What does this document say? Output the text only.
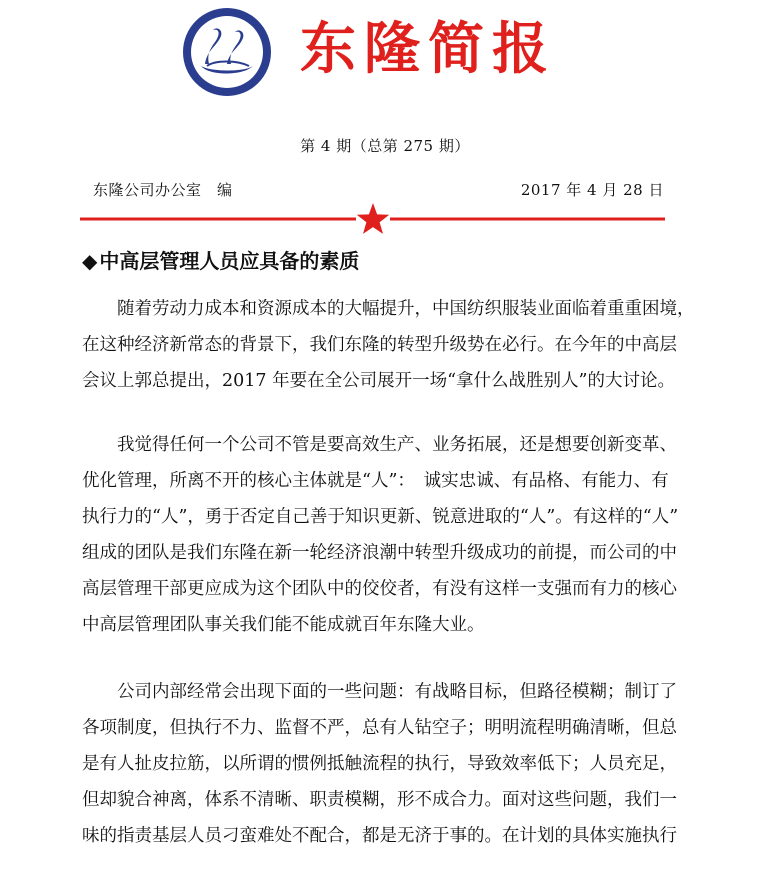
东隆简报
第 4 期（总第 275 期）
东隆公司办公室　编	2017 年 4 月 28 日
◆ 中高层管理人员应具备的素质
随着劳动力成本和资源成本的大幅提升，中国纺织服装业面临着重重困境，
在这种经济新常态的背景下，我们东隆的转型升级势在必行。在今年的中高层
会议上郭总提出，2017 年要在全公司展开一场“拿什么战胜别人”的大讨论。
我觉得任何一个公司不管是要高效生产、业务拓展，还是想要创新变革、
优化管理，所离不开的核心主体就是“人”：　诚实忠诚、有品格、有能力、有
执行力的“人”，勇于否定自己善于知识更新、锐意进取的“人”。有这样的“人”
组成的团队是我们东隆在新一轮经济浪潮中转型升级成功的前提，而公司的中
高层管理干部更应成为这个团队中的佼佼者，有没有这样一支强而有力的核心
中高层管理团队事关我们能不能成就百年东隆大业。
公司内部经常会出现下面的一些问题：有战略目标，但路径模糊；制订了
各项制度，但执行不力、监督不严，总有人钻空子；明明流程明确清晰，但总
是有人扯皮拉筋，以所谓的惯例抵触流程的执行，导致效率低下；人员充足，
但却貌合神离，体系不清晰、职责模糊，形不成合力。面对这些问题，我们一
味的指责基层人员刁蛮难处不配合，都是无济于事的。在计划的具体实施执行
